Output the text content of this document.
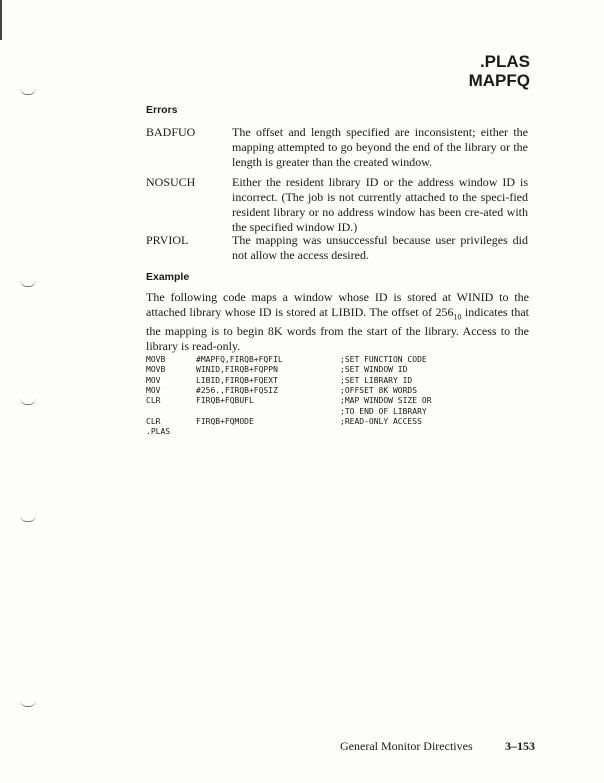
.PLAS
MAPFQ
Errors
BADFUO	The offset and length specified are inconsistent; either the mapping attempted to go beyond the end of the library or the length is greater than the created window.
NOSUCH	Either the resident library ID or the address window ID is incorrect. (The job is not currently attached to the speci-fied resident library or no address window has been cre-ated with the specified window ID.)
PRVIOL	The mapping was unsuccessful because user privileges did not allow the access desired.
Example
The following code maps a window whose ID is stored at WINID to the attached library whose ID is stored at LIBID. The offset of $256_{10}$ indicates that the mapping is to begin 8K words from the start of the library. Access to the library is read-only.
MOVB	#MAPFQ,FIRQB+FQFIL	;SET FUNCTION CODE
MOVB	WINID,FIRQB+FQPPN	;SET WINDOW ID
MOV	LIBID,FIRQB+FQEXT	;SET LIBRARY ID
MOV	#256.,FIRQB+FQSIZ	;OFFSET 8K WORDS
CLR	FIRQB+FQBUFL	;MAP WINDOW SIZE OR
;TO END OF LIBRARY
CLR	FIRQB+FQMODE	;READ-ONLY ACCESS
.PLAS
General Monitor Directives	3–153
